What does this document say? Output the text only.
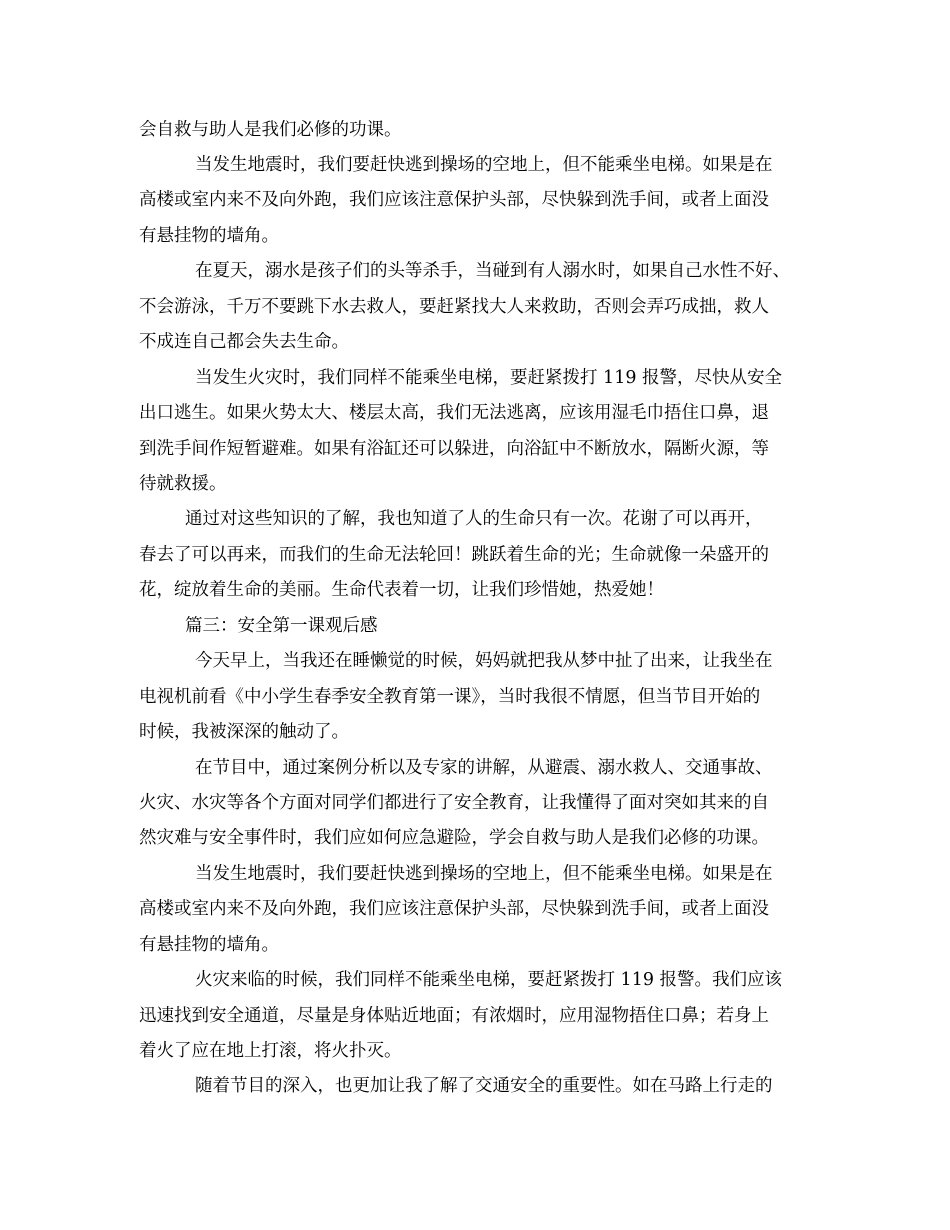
会自救与助人是我们必修的功课。
当发生地震时，我们要赶快逃到操场的空地上，但不能乘坐电梯。如果是在
高楼或室内来不及向外跑，我们应该注意保护头部，尽快躲到洗手间，或者上面没
有悬挂物的墙角。
在夏天，溺水是孩子们的头等杀手，当碰到有人溺水时，如果自己水性不好、
不会游泳，千万不要跳下水去救人，要赶紧找大人来救助，否则会弄巧成拙，救人
不成连自己都会失去生命。
当发生火灾时，我们同样不能乘坐电梯，要赶紧拨打 119 报警，尽快从安全
出口逃生。如果火势太大、楼层太高，我们无法逃离，应该用湿毛巾捂住口鼻，退
到洗手间作短暂避难。如果有浴缸还可以躲进，向浴缸中不断放水，隔断火源，等
待就救援。
通过对这些知识的了解，我也知道了人的生命只有一次。花谢了可以再开，
春去了可以再来，而我们的生命无法轮回！跳跃着生命的光；生命就像一朵盛开的
花，绽放着生命的美丽。生命代表着一切，让我们珍惜她，热爱她！
篇三：安全第一课观后感
今天早上，当我还在睡懒觉的时候，妈妈就把我从梦中扯了出来，让我坐在
电视机前看《中小学生春季安全教育第一课》，当时我很不情愿，但当节目开始的
时候，我被深深的触动了。
在节目中，通过案例分析以及专家的讲解，从避震、溺水救人、交通事故、
火灾、水灾等各个方面对同学们都进行了安全教育，让我懂得了面对突如其来的自
然灾难与安全事件时，我们应如何应急避险，学会自救与助人是我们必修的功课。
当发生地震时，我们要赶快逃到操场的空地上，但不能乘坐电梯。如果是在
高楼或室内来不及向外跑，我们应该注意保护头部，尽快躲到洗手间，或者上面没
有悬挂物的墙角。
火灾来临的时候，我们同样不能乘坐电梯，要赶紧拨打 119 报警。我们应该
迅速找到安全通道，尽量是身体贴近地面；有浓烟时，应用湿物捂住口鼻；若身上
着火了应在地上打滚，将火扑灭。
随着节目的深入，也更加让我了解了交通安全的重要性。如在马路上行走的
